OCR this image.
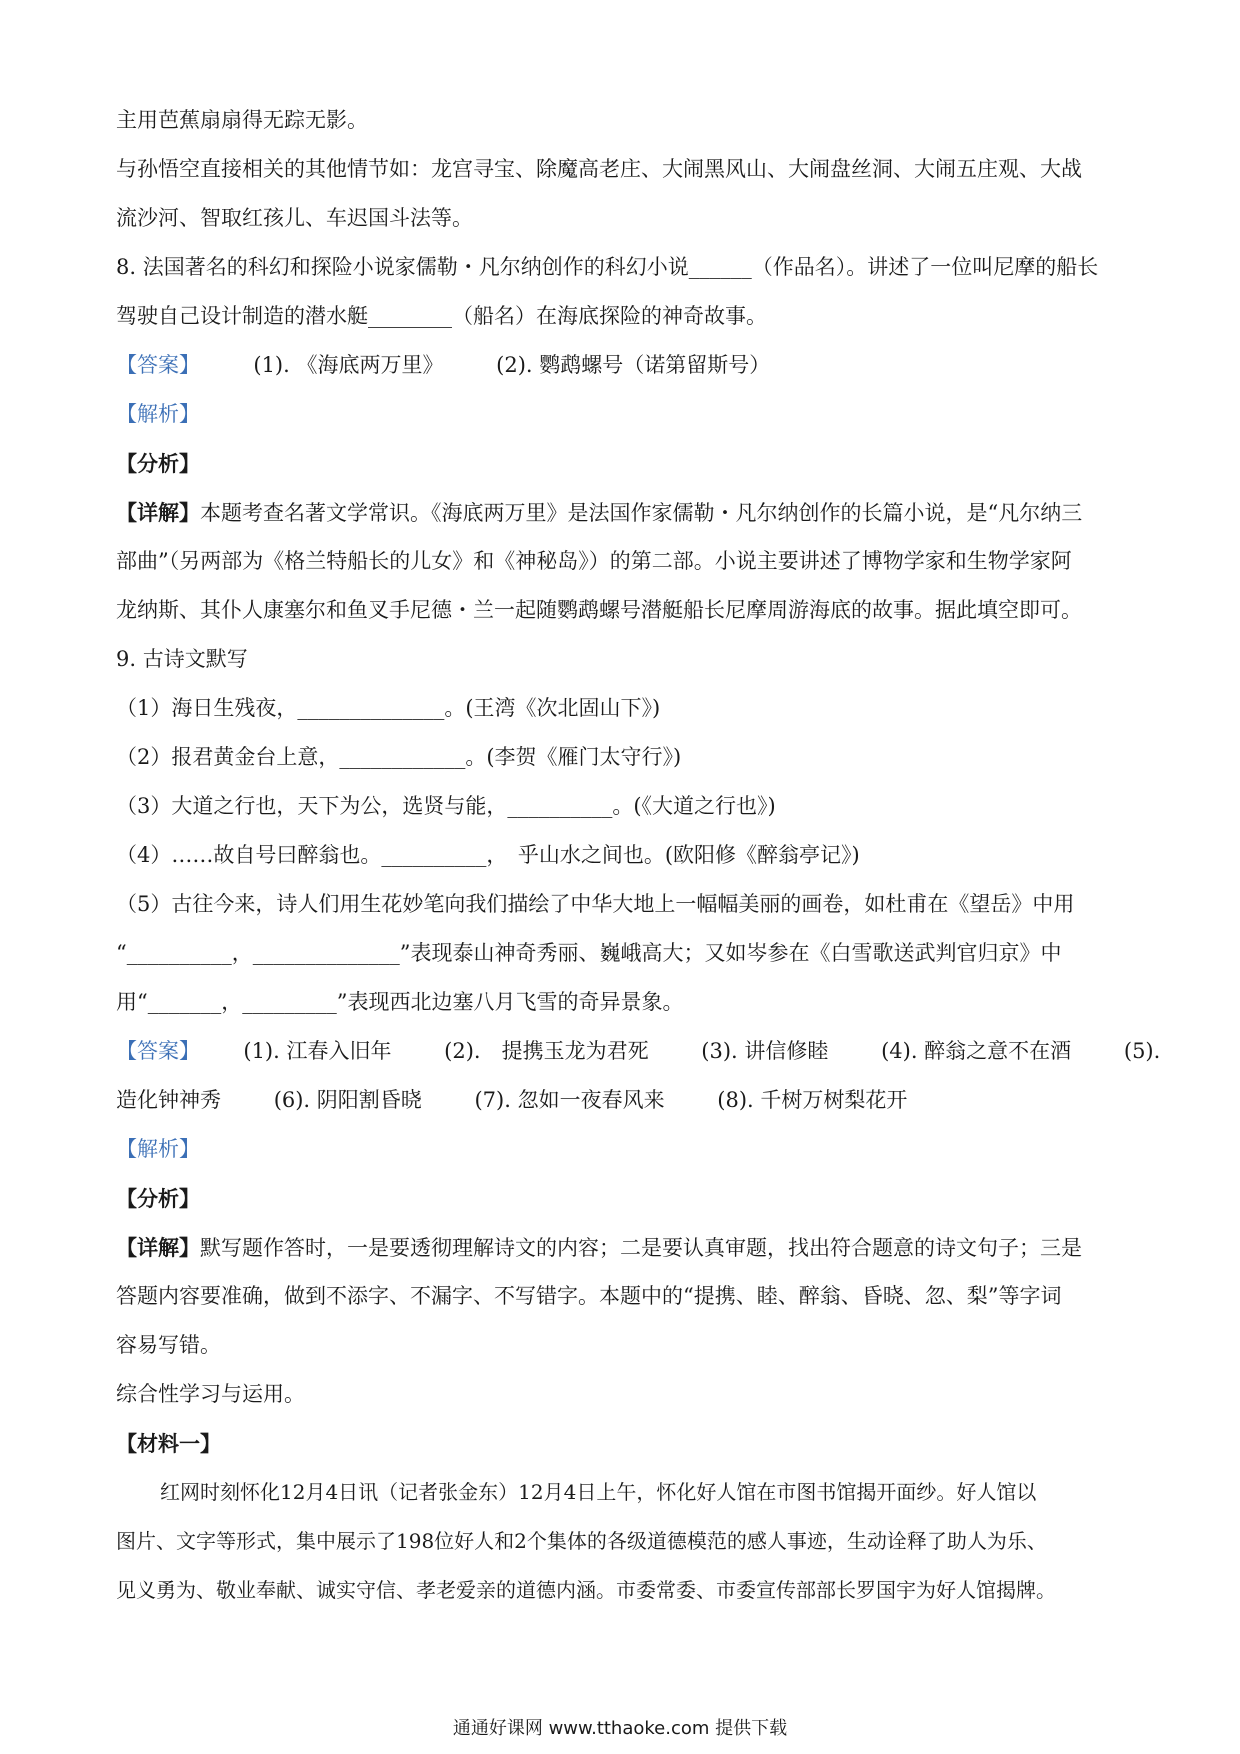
主用芭蕉扇扇得无踪无影。

与孙悟空直接相关的其他情节如：龙宫寻宝、除魔高老庄、大闹黑风山、大闹盘丝洞、大闹五庄观、大战

流沙河、智取红孩儿、车迟国斗法等。

8. 法国著名的科幻和探险小说家儒勒・凡尔纳创作的科幻小说______（作品名）。讲述了一位叫尼摩的船长

驾驶自己设计制造的潜水艇________（船名）在海底探险的神奇故事。

【答案】	(1). 《海底两万里》	(2). 鹦鹉螺号（诺第留斯号）

【解析】

【分析】

【详解】本题考查名著文学常识。《海底两万里》是法国作家儒勒・凡尔纳创作的长篇小说，是“凡尔纳三

部曲”（另两部为《格兰特船长的儿女》和《神秘岛》）的第二部。小说主要讲述了博物学家和生物学家阿

龙纳斯、其仆人康塞尔和鱼叉手尼德・兰一起随鹦鹉螺号潜艇船长尼摩周游海底的故事。据此填空即可。

9. 古诗文默写

（1）海日生残夜，______________。(王湾《次北固山下》)

（2）报君黄金台上意，____________。(李贺《雁门太守行》)

（3）大道之行也，天下为公，选贤与能，__________。(《大道之行也》)

（4）……故自号曰醉翁也。__________，　乎山水之间也。(欧阳修《醉翁亭记》)

（5）古往今来，诗人们用生花妙笔向我们描绘了中华大地上一幅幅美丽的画卷，如杜甫在《望岳》中用

“__________，______________”表现泰山神奇秀丽、巍峨高大；又如岑参在《白雪歌送武判官归京》中

用“_______，_________”表现西北边塞八月飞雪的奇异景象。

【答案】 (1). 江春入旧年	(2).　提携玉龙为君死	(3). 讲信修睦	(4). 醉翁之意不在酒	(5).

造化钟神秀	(6). 阴阳割昏晓	(7). 忽如一夜春风来	(8). 千树万树梨花开

【解析】

【分析】

【详解】默写题作答时，一是要透彻理解诗文的内容；二是要认真审题，找出符合题意的诗文句子；三是

答题内容要准确，做到不添字、不漏字、不写错字。本题中的“提携、睦、醉翁、昏晓、忽、梨”等字词

容易写错。

综合性学习与运用。

【材料一】

红网时刻怀化12月4日讯（记者张金东）12月4日上午，怀化好人馆在市图书馆揭开面纱。好人馆以

图片、文字等形式，集中展示了198位好人和2个集体的各级道德模范的感人事迹，生动诠释了助人为乐、

见义勇为、敬业奉献、诚实守信、孝老爱亲的道德内涵。市委常委、市委宣传部部长罗国宇为好人馆揭牌。

通通好课网 www.tthaoke.com 提供下载
